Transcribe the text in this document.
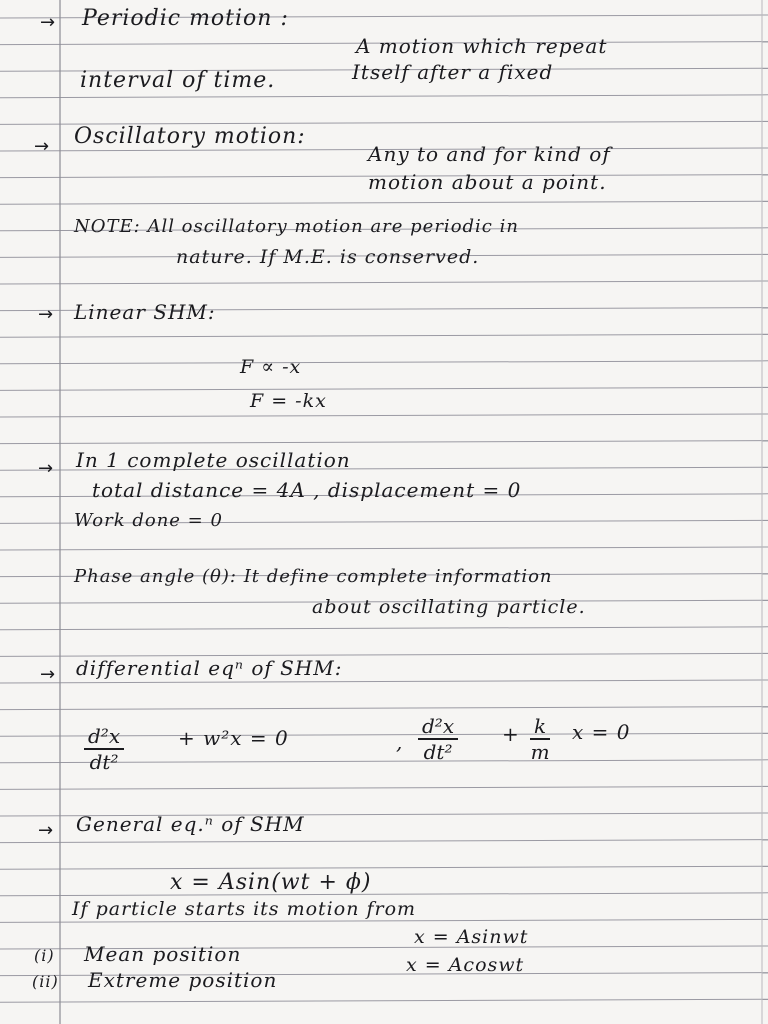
→ Periodic motion :
A motion which repeat
Itself after a fixed
interval of time.
→ Oscillatory motion:
Any to and for kind of
motion about a point.
NOTE: All oscillatory motion are periodic in
nature. If M.E. is conserved.
→ Linear SHM:
F ∝ -x
F = -kx
→ In 1 complete oscillation
total distance = 4A , displacement = 0
Work done = 0
Phase angle (θ): It define complete information
about oscillating particle.
→ differential eqⁿ of SHM:
$\frac{\text{d²x}}{\text{dt²}}$	+ w²x = 0	, $\frac{\text{d²x}}{\text{dt²}} + \frac{k}{m}$ x = 0
→ General eq.ⁿ of SHM
x = Asin(wt + ϕ)
If particle starts its motion from
(i) Mean position
x = Asinwt
(ii) Extreme position
x = Acoswt
